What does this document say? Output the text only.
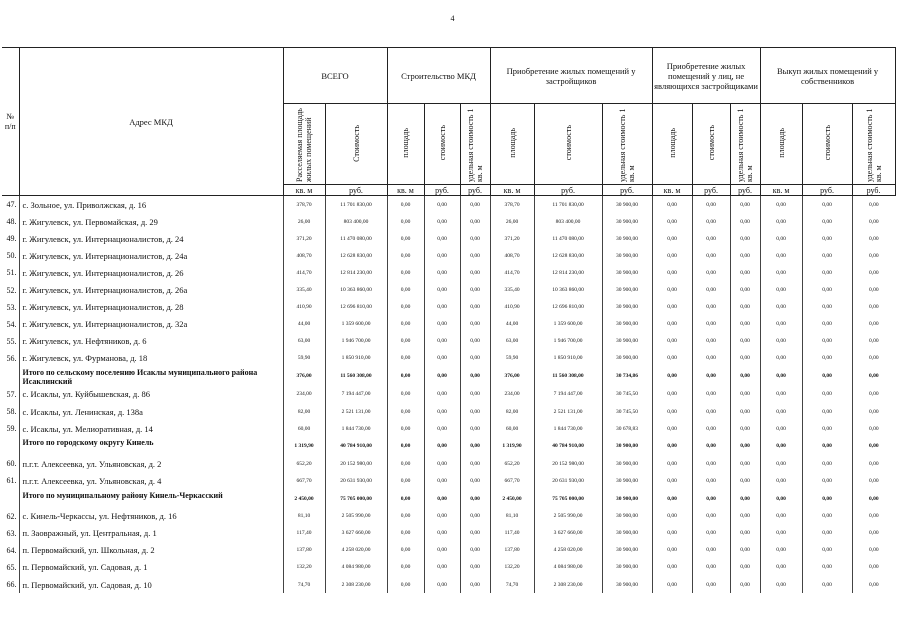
4
№
п/п	Адрес МКД	ВСЕГО		Строительство МКД			Приобретение жилых помещений у застройщиков			Приобретение жилых помещений у лиц, не являющихся застройщиками			Выкуп жилых помещений у собственников		
		Расселяемая площадь жилых помещений	Стоимость	площадь	стоимость	удельная стоимость 1 кв. м	площадь	стоимость	удельная стоимость 1 кв. м	площадь	стоимость	удельная стоимость 1 кв. м	площадь	стоимость	удельная стоимость 1 кв. м
		кв. м	руб.	кв. м	руб.	руб.	кв. м	руб.	руб.	кв. м	руб.	руб.	кв. м	руб.	руб.
47.	с. Зольное, ул. Приволжская, д. 16	378,70	11 701 830,00	0,00	0,00	0,00	378,70	11 701 830,00	30 900,00	0,00	0,00	0,00	0,00	0,00	0,00
48.	г. Жигулевск, ул. Первомайская, д. 29	26,00	803 400,00	0,00	0,00	0,00	26,00	803 400,00	30 900,00	0,00	0,00	0,00	0,00	0,00	0,00
49.	г. Жигулевск, ул. Интернационалистов, д. 24	371,20	11 470 080,00	0,00	0,00	0,00	371,20	11 470 080,00	30 900,00	0,00	0,00	0,00	0,00	0,00	0,00
50.	г. Жигулевск, ул. Интернационалистов, д. 24а	408,70	12 628 830,00	0,00	0,00	0,00	408,70	12 628 830,00	30 900,00	0,00	0,00	0,00	0,00	0,00	0,00
51.	г. Жигулевск, ул. Интернационалистов, д. 26	414,70	12 814 230,00	0,00	0,00	0,00	414,70	12 814 230,00	30 900,00	0,00	0,00	0,00	0,00	0,00	0,00
52.	г. Жигулевск, ул. Интернационалистов, д. 26а	335,40	10 363 860,00	0,00	0,00	0,00	335,40	10 363 860,00	30 900,00	0,00	0,00	0,00	0,00	0,00	0,00
53.	г. Жигулевск, ул. Интернационалистов, д. 28	410,90	12 696 810,00	0,00	0,00	0,00	410,90	12 696 810,00	30 900,00	0,00	0,00	0,00	0,00	0,00	0,00
54.	г. Жигулевск, ул. Интернационалистов, д. 32а	44,00	1 359 600,00	0,00	0,00	0,00	44,00	1 359 600,00	30 900,00	0,00	0,00	0,00	0,00	0,00	0,00
55.	г. Жигулевск, ул. Нефтяников, д. 6	63,00	1 946 700,00	0,00	0,00	0,00	63,00	1 946 700,00	30 900,00	0,00	0,00	0,00	0,00	0,00	0,00
56.	г. Жигулевск, ул. Фурманова, д. 18	59,90	1 850 910,00	0,00	0,00	0,00	59,90	1 850 910,00	30 900,00	0,00	0,00	0,00	0,00	0,00	0,00
	Итого по сельскому поселению Исаклы муниципального района Исаклинский	376,00	11 560 308,00	0,00	0,00	0,00	376,00	11 560 308,00	30 734,86	0,00	0,00	0,00	0,00	0,00	0,00
57.	с. Исаклы, ул. Куйбышевская, д. 86	234,00	7 194 447,00	0,00	0,00	0,00	234,00	7 194 447,00	30 745,50	0,00	0,00	0,00	0,00	0,00	0,00
58.	с. Исаклы, ул. Ленинская, д. 138а	82,00	2 521 131,00	0,00	0,00	0,00	82,00	2 521 131,00	30 745,50	0,00	0,00	0,00	0,00	0,00	0,00
59.	с. Исаклы, ул. Мелиоративная, д. 14	60,00	1 844 730,00	0,00	0,00	0,00	60,00	1 844 730,00	30 678,83	0,00	0,00	0,00	0,00	0,00	0,00
	Итого по городскому округу Кинель	1 319,90	40 784 910,00	0,00	0,00	0,00	1 319,90	40 784 910,00	30 900,00	0,00	0,00	0,00	0,00	0,00	0,00
60.	п.г.т. Алексеевка, ул. Ульяновская, д. 2	652,20	20 152 980,00	0,00	0,00	0,00	652,20	20 152 980,00	30 900,00	0,00	0,00	0,00	0,00	0,00	0,00
61.	п.г.т. Алексеевка, ул. Ульяновская, д. 4	667,70	20 631 930,00	0,00	0,00	0,00	667,70	20 631 930,00	30 900,00	0,00	0,00	0,00	0,00	0,00	0,00
	Итого по муниципальному району Кинель-Черкасский	2 450,00	75 705 000,00	0,00	0,00	0,00	2 450,00	75 705 000,00	30 900,00	0,00	0,00	0,00	0,00	0,00	0,00
62.	с. Кинель-Черкассы, ул. Нефтяников, д. 16	81,10	2 505 990,00	0,00	0,00	0,00	81,10	2 505 990,00	30 900,00	0,00	0,00	0,00	0,00	0,00	0,00
63.	п. Заовражный, ул. Центральная, д. 1	117,40	3 627 660,00	0,00	0,00	0,00	117,40	3 627 660,00	30 900,00	0,00	0,00	0,00	0,00	0,00	0,00
64.	п. Первомайский, ул. Школьная, д. 2	137,80	4 258 020,00	0,00	0,00	0,00	137,80	4 258 020,00	30 900,00	0,00	0,00	0,00	0,00	0,00	0,00
65.	п. Первомайский, ул. Садовая, д. 1	132,20	4 084 980,00	0,00	0,00	0,00	132,20	4 084 980,00	30 900,00	0,00	0,00	0,00	0,00	0,00	0,00
66.	п. Первомайский, ул. Садовая, д. 10	74,70	2 308 230,00	0,00	0,00	0,00	74,70	2 308 230,00	30 900,00	0,00	0,00	0,00	0,00	0,00	0,00
